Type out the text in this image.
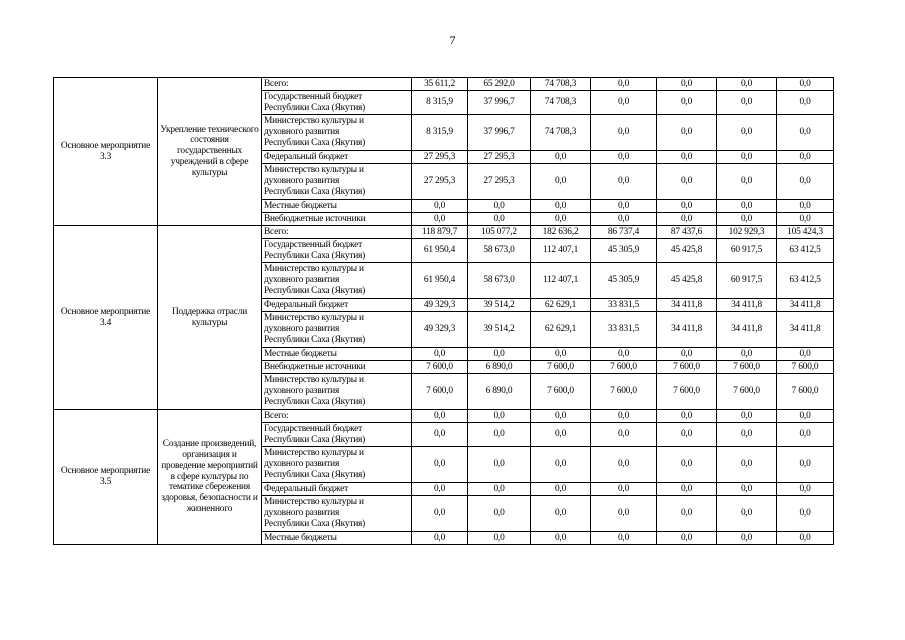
7
Основное мероприятие 3.3	Укрепление технического состояния государственных учреждений в сфере культуры	Всего:	35 611,2	65 292,0	74 708,3	0,0	0,0	0,0	0,0

		Государственный бюджет
Республики Саха (Якутия)	8 315,9	37 996,7	74 708,3	0,0	0,0	0,0	0,0

		Министерство культуры и
духовного развития
Республики Саха (Якутия)	8 315,9	37 996,7	74 708,3	0,0	0,0	0,0	0,0

		Федеральный бюджет	27 295,3	27 295,3	0,0	0,0	0,0	0,0	0,0

		Министерство культуры и
духовного развития
Республики Саха (Якутия)	27 295,3	27 295,3	0,0	0,0	0,0	0,0	0,0

		Местные бюджеты	0,0	0,0	0,0	0,0	0,0	0,0	0,0

		Внебюджетные источники	0,0	0,0	0,0	0,0	0,0	0,0	0,0
Основное мероприятие 3.4	Поддержка отрасли культуры	Всего:	118 879,7	105 077,2	182 636,2	86 737,4	87 437,6	102 929,3	105 424,3

		Государственный бюджет
Республики Саха (Якутия)	61 950,4	58 673,0	112 407,1	45 305,9	45 425,8	60 917,5	63 412,5

		Министерство культуры и
духовного развития
Республики Саха (Якутия)	61 950,4	58 673,0	112 407,1	45 305,9	45 425,8	60 917,5	63 412,5

		Федеральный бюджет	49 329,3	39 514,2	62 629,1	33 831,5	34 411,8	34 411,8	34 411,8

		Министерство культуры и
духовного развития
Республики Саха (Якутия)	49 329,3	39 514,2	62 629,1	33 831,5	34 411,8	34 411,8	34 411,8

		Местные бюджеты	0,0	0,0	0,0	0,0	0,0	0,0	0,0

		Внебюджетные источники	7 600,0	6 890,0	7 600,0	7 600,0	7 600,0	7 600,0	7 600,0

		Министерство культуры и
духовного развития
Республики Саха (Якутия)	7 600,0	6 890,0	7 600,0	7 600,0	7 600,0	7 600,0	7 600,0
Основное мероприятие 3.5	Создание произведений, организация и проведение мероприятий в сфере культуры по тематике сбережения здоровья, безопасности и жизненного	Всего:	0,0	0,0	0,0	0,0	0,0	0,0	0,0

		Государственный бюджет
Республики Саха (Якутия)	0,0	0,0	0,0	0,0	0,0	0,0	0,0

		Министерство культуры и
духовного развития
Республики Саха (Якутия)	0,0	0,0	0,0	0,0	0,0	0,0	0,0

		Федеральный бюджет	0,0	0,0	0,0	0,0	0,0	0,0	0,0

		Министерство культуры и
духовного развития
Республики Саха (Якутия)	0,0	0,0	0,0	0,0	0,0	0,0	0,0

		Местные бюджеты	0,0	0,0	0,0	0,0	0,0	0,0	0,0
